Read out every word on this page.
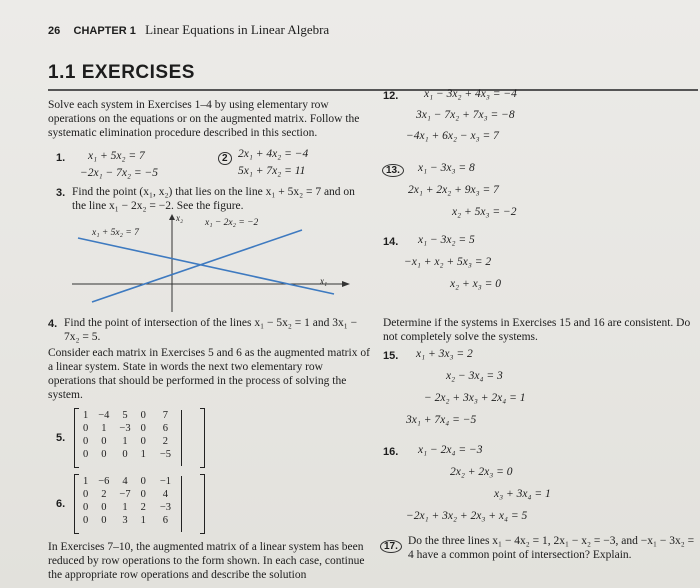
26 CHAPTER 1 Linear Equations in Linear Algebra
1.1 EXERCISES
Solve each system in Exercises 1–4 by using elementary row operations on the equations or on the augmented matrix. Follow the systematic elimination procedure described in this section.
1. x₁ + 5x₂ = 7
−2x₁ − 7x₂ = −5
2 2x₁ + 4x₂ = −4
5x₁ + 7x₂ = 11
3. Find the point (x₁, x₂) that lies on the line x₁ + 5x₂ = 7 and on the line x₁ − 2x₂ = −2. See the figure.
x₂
x₁
x₁ + 5x₂ = 7
x₁ − 2x₂ = −2
4. Find the point of intersection of the lines x₁ − 5x₂ = 1 and 3x₁ − 7x₂ = 5.
Consider each matrix in Exercises 5 and 6 as the augmented matrix of a linear system. State in words the next two elementary row operations that should be performed in the process of solving the system.
5.
1	−4	5	0	7
0	1	−3	0	6
0	0	1	0	2
0	0	0	1	−5
6.
1	−6	4	0	−1
0	2	−7	0	4
0	0	1	2	−3
0	0	3	1	6
In Exercises 7–10, the augmented matrix of a linear system has been reduced by row operations to the form shown. In each case, continue the appropriate row operations and describe the solution
12. x₁ − 3x₂ + 4x₃ = −4
3x₁ − 7x₂ + 7x₃ = −8
−4x₁ + 6x₂ − x₃ = 7
13.	x₁ − 3x₃ = 8
2x₁ + 2x₂ + 9x₃ = 7
x₂ + 5x₃ = −2
14. x₁ − 3x₂ = 5
−x₁ + x₂ + 5x₃ = 2
x₂ + x₃ = 0
Determine if the systems in Exercises 15 and 16 are consistent. Do not completely solve the systems.
15. x₁ + 3x₃ = 2
x₂ − 3x₄ = 3
− 2x₂ + 3x₃ + 2x₄ = 1
3x₁ + 7x₄ = −5
16. x₁ − 2x₄ = −3
2x₂ + 2x₃ = 0
x₃ + 3x₄ = 1
−2x₁ + 3x₂ + 2x₃ + x₄ = 5
17. Do the three lines x₁ − 4x₂ = 1, 2x₁ − x₂ = −3, and −x₁ − 3x₂ = 4 have a common point of intersection? Explain.
